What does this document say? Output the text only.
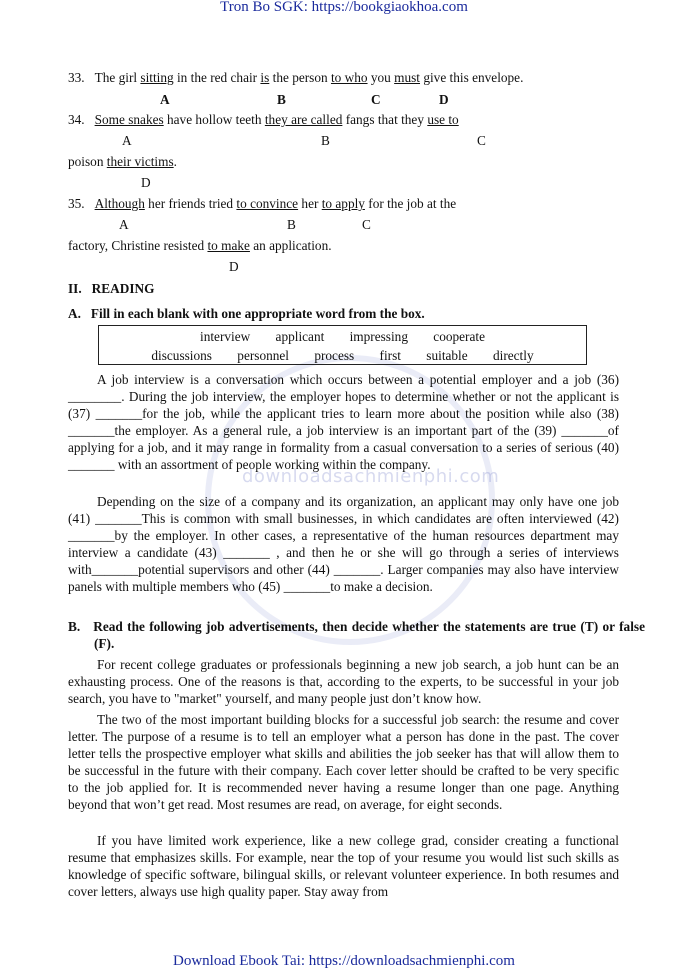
downloadsachmienphi.com
Tron Bo SGK: https://bookgiaokhoa.com
33. The girl sitting in the red chair is the person to who you must give this envelope.
A	B	C	D
34. Some snakes have hollow teeth they are called fangs that they use to
A	B	C
poison their victims.
D
35. Although her friends tried to convince her to apply for the job at the
A	B	C
factory, Christine resisted to make an application.
D
II. READING
A. Fill in each blank with one appropriate word from the box.
interview applicant impressing cooperate
discussions personnel process first suitable directly
A job interview is a conversation which occurs between a potential employer and a job (36) ________. During the job interview, the employer hopes to determine whether or not the applicant is (37) _______for the job, while the applicant tries to learn more about the position while also (38) _______the employer. As a general rule, a job interview is an important part of the (39) _______of applying for a job, and it may range in formality from a casual conversation to a series of serious (40) _______ with an assortment of people working within the company.
Depending on the size of a company and its organization, an applicant may only have one job (41) _______This is common with small businesses, in which candidates are often interviewed (42) _______by the employer. In other cases, a representative of the human resources department may interview a candidate (43) _______ , and then he or she will go through a series of interviews with_______potential supervisors and other (44) _______. Larger companies may also have interview panels with multiple members who (45) _______to make a decision.
B. Read the following job advertisements, then decide whether the statements are true (T) or false (F).
For recent college graduates or professionals beginning a new job search, a job hunt can be an exhausting process. One of the reasons is that, according to the experts, to be successful in your job search, you have to "market" yourself, and many people just don’t know how.
The two of the most important building blocks for a successful job search: the resume and cover letter. The purpose of a resume is to tell an employer what a person has done in the past. The cover letter tells the prospective employer what skills and abilities the job seeker has that will allow them to be successful in the future with their company. Each cover letter should be crafted to be very specific to the job applied for. It is recommended never having a resume longer than one page. Anything beyond that won’t get read. Most resumes are read, on average, for eight seconds.
If you have limited work experience, like a new college grad, consider creating a functional resume that emphasizes skills. For example, near the top of your resume you would list such skills as knowledge of specific software, bilingual skills, or relevant volunteer experience. In both resumes and cover letters, always use high quality paper. Stay away from
Download Ebook Tai: https://downloadsachmienphi.com
